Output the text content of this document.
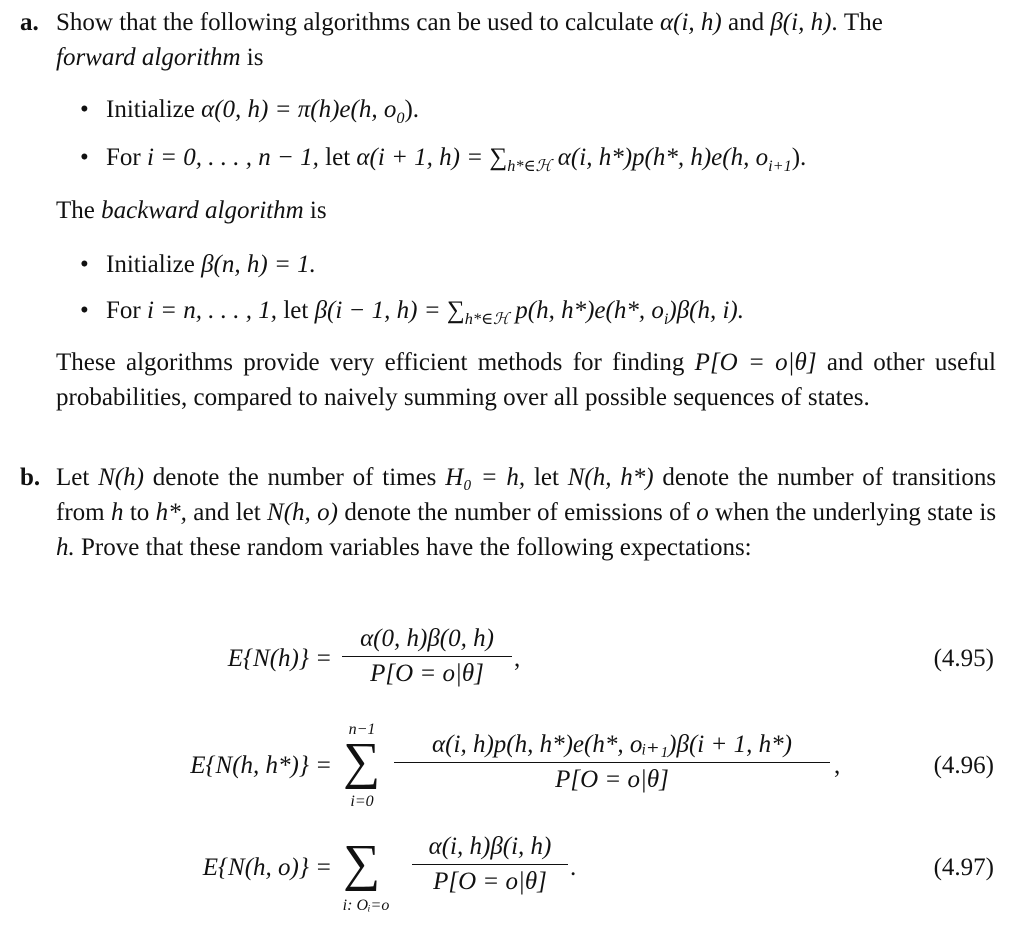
a. Show that the following algorithms can be used to calculate α(i, h) and β(i, h). The
forward algorithm is

• Initialize α(0, h) = π(h)e(h, $o_0$).
• For i = 0, . . . , n − 1, let α(i + 1, $h) = \sum_{h*\in ℋ}$ α(i, h*)p(h*, h)e(h, $o_{i+1}$).

The backward algorithm is

• Initialize β(n, h) = 1.
• For i = n, . . . , 1, let β(i − 1, $h) = \sum_{h*\in ℋ}$ p(h, h*)e(h*, $o_i)\beta(h$, i).

These algorithms provide very efficient methods for finding P[O = o|θ] and other useful probabilities, compared to naively summing over all possible sequences of states.

b. Let N(h) denote the number of times H₀ = h, let N(h, h*) denote the number of transitions from h to h*, and let N(h, o) denote the number of emissions of o when the underlying state is h. Prove that these random variables have the following expectations:

$E\{N(h)\} = \frac{\alpha(0, h)\beta(0, h)}{P[O = o|\theta]}$ ,	(4.95)
E{N(h, h*)} =
n−1
∑
i=0
$\frac{\text{α(i, h)p(h, h*)e(h*, oᵢ₊₁)β(i + 1, h*)}}{P[O = o|\theta]}$ ,	(4.96)
E{N(h, o)} = ∑
i: Oᵢ=o
$\frac{\alpha(i, h)\beta(i, h)}{P[O = o|\theta]}$ .	(4.97)
